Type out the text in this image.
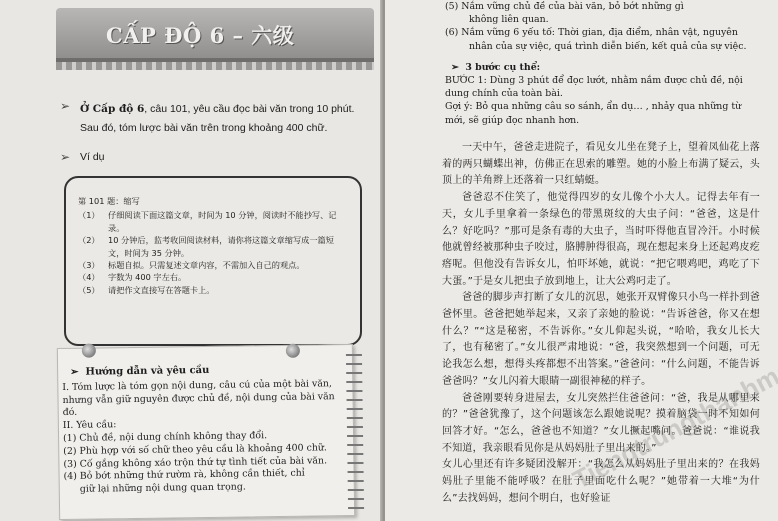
CẤP ĐỘ 6 – 六级
➢ Ở Cấp độ 6, câu 101, yêu cầu đọc bài văn trong 10 phút. Sau đó, tóm lược bài văn trên trong khoảng 400 chữ.
➢ Ví dụ
第 101 题：缩写
（1）	仔细阅读下面这篇文章，时间为 10 分钟，阅读时不能抄写、记录。
（2）	10 分钟后，监考收回阅读材料，请你将这篇文章缩写成一篇短文，时间为 35 分钟。
（3）	标题自拟。只需复述文章内容，不需加入自己的观点。
（4）	字数为 400 字左右。
（5）	请把作文直接写在答题卡上。
➢  Hướng dẫn và yêu cầu
I. Tóm lược là tóm gọn nội dung, câu cú của một bài văn,
nhưng vẫn giữ nguyên được chủ đề, nội dung của bài văn
đó.
II. Yêu cầu:
(1) Chủ đề, nội dung chính không thay đổi.
(2) Phù hợp với số chữ theo yêu cầu là khoảng 400 chữ.
(3) Cố gắng không xáo trộn thứ tự tình tiết của bài văn.
(4) Bỏ bớt những thứ rườm rà, không cần thiết, chỉ
giữ lại những nội dung quan trọng.
(5) Nắm vững chủ đề của bài văn, bỏ bớt những gì
không liên quan.
(6) Nắm vững 6 yếu tố: Thời gian, địa điểm, nhân vật, nguyên
nhân của sự việc, quá trình diễn biến, kết quả của sự việc.
➢  3 bước cụ thể:
BƯỚC 1: Dùng 3 phút để đọc lướt, nhằm nắm được chủ đề, nội
dung chính của toàn bài.
Gợi ý: Bỏ qua những câu so sánh, ẩn dụ… , nhảy qua những từ
mới, sẽ giúp đọc nhanh hơn.

一天中午，爸爸走进院子，看见女儿坐在凳子上，望着凤仙花上落着的两只蝴蝶出神，仿佛正在思索的雕塑。她的小脸上布满了疑云，头顶上的羊角辫上还落着一只红蜻蜓。

爸爸忍不住笑了，他觉得四岁的女儿像个小大人。记得去年有一天，女儿手里拿着一条绿色的带黑斑纹的大虫子问：“爸爸，这是什么？好吃吗？”那可是条有毒的大虫子，当时吓得他直冒冷汗。小时候他就曾经被那种虫子咬过，胳膊肿得很高，现在想起来身上还起鸡皮疙瘩呢。但他没有告诉女儿，怕吓坏她，就说：“把它喂鸡吧，鸡吃了下大蛋。”于是女儿把虫子放到地上，让大公鸡叼走了。

爸爸的脚步声打断了女儿的沉思，她张开双臂像只小鸟一样扑到爸爸怀里。爸爸把她举起来，又亲了亲她的脸说：“告诉爸爸，你又在想什么？”“这是秘密，不告诉你。”女儿仰起头说，“哈哈，我女儿长大了，也有秘密了。”女儿很严肃地说：“爸，我突然想到一个问题，可无论我怎么想，想得头疼都想不出答案。”爸爸问：“什么问题，不能告诉爸爸吗？”女儿闪着大眼睛一副很神秘的样子。

爸爸刚要转身进屋去，女儿突然拦住爸爸问：“爸，我是从哪里来的？”爸爸犹豫了，这个问题该怎么跟她说呢？摸着脑袋一时不知如何回答才好。“怎么，爸爸也不知道？”女儿撅起嘴问。爸爸说：“谁说我不知道，我亲眼看见你是从妈妈肚子里出来的。”

女儿心里还有许多疑团没解开：“我怎么从妈妈肚子里出来的？在我妈妈肚子里能不能呼吸？在肚子里面吃什么呢？”她带着一大堆“为什么”去找妈妈，想问个明白，也好验证
